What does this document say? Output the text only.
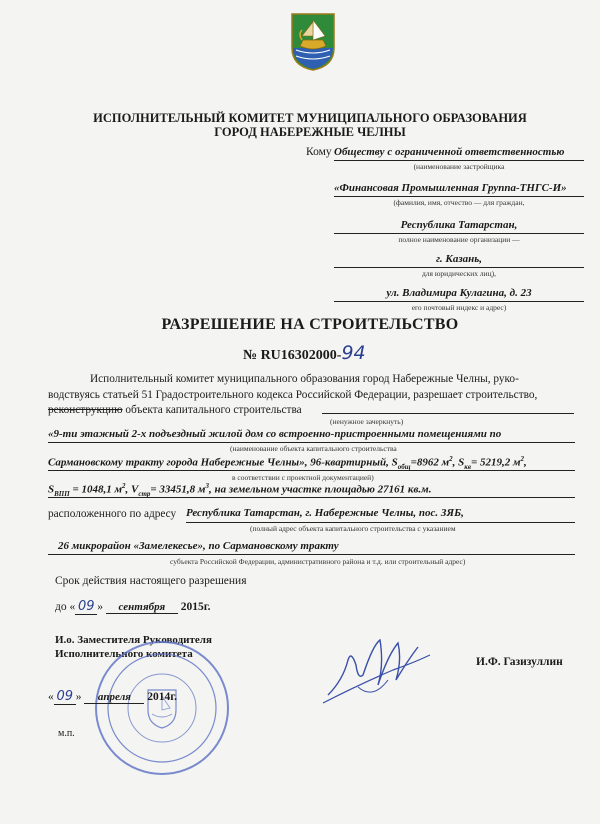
ИСПОЛНИТЕЛЬНЫЙ КОМИТЕТ МУНИЦИПАЛЬНОГО ОБРАЗОВАНИЯ
ГОРОД НАБЕРЕЖНЫЕ ЧЕЛНЫ
Кому Обществу с ограниченной ответственностью
(наименование застройщика
«Финансовая Промышленная Группа-ТНГС-И»
(фамилия, имя, отчество — для граждан,
Республика Татарстан,
полное наименование организации —
г. Казань,
для юридических лиц),
ул. Владимира Кулагина, д. 23
его почтовый индекс и адрес)
РАЗРЕШЕНИЕ НА СТРОИТЕЛЬСТВО
№ RU16302000-94
Исполнительный комитет муниципального образования город Набережные Челны, руко-
водствуясь статьей 51 Градостроительного кодекса Российской Федерации, разрешает строительство,
реконструкцию объекта капитального строительства
(ненужное зачеркнуть)
«9-ти этажный 2-х подъездный жилой дом со встроенно-пристроенными помещениями по
(наименование объекта капитального строительства
Сармановскому тракту города Набережные Челны», 96-квартирный, $S_{общ}=8962$ $м^2$, $S_{кв}= 5219,2$ $м^2$,
в соответствии с проектной документацией)
$S_{ВПП} = 1048,1$ $м^2$, $V_{стр}= 33451,8$ $м^3$, на земельном участке площадью 27161 кв.м.
расположенного по адресу Республика Татарстан, г. Набережные Челны, пос. ЗЯБ,
(полный адрес объекта капитального строительства с указанием
26 микрорайон «Замелекесье», по Сармановскому тракту
субъекта Российской Федерации, административного района и т.д. или строительный адрес)
Срок действия настоящего разрешения
до « 09 » сентября 2015г.
И.о. Заместителя Руководителя
Исполнительного комитета
И.Ф. Газизуллин
« 09 » апреля 2014г.
м.п.
